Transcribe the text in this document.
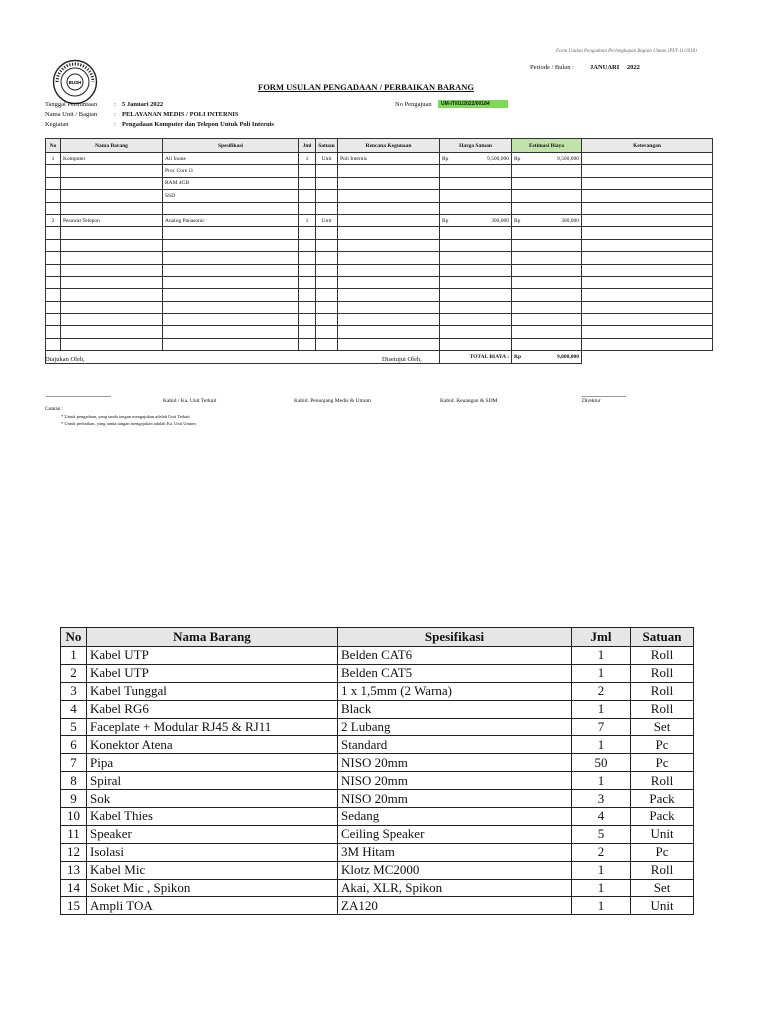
Form Usulan Pengadaan Perlengkapan Bagian Umum (PLT-11/2018)
Periode / Bulan : JANUARI 2022
BUSH	FORM USULAN PENGADAAN / PERBAIKAN BARANG
Tanggal Permintaan	: 5 Januari 2022
Nama Unit / Bagian	: PELAYANAN MEDIS / POLI INTERNIS
Kegiatan	: Pengadaan Komputer dan Telepon Untuk Poli Internis
No Pengajuan	UM-IT/01/2022/00184
No	Nama Barang	Spesifikasi	Jml	Satuan	Rencana Kegunaan	Harga Satuan	Estimasi Biaya	Keterangan
1	Komputer	All Inone	1	Unit	Poli Internis	Rp 9,500,000	Rp 9,500,000	

		Proc Core i3				

		RAM 4GB				

		SSD				

2	Pesawat Telepon	Analog Panasonic	1	Unit		Rp 300,000	Rp 300,000	

						TOTAL BIAYA :	Rp 9,800,000	

Diajukan Oleh,	Disetujui Oleh,
Kabid / Ka. Unit Terkait	Kabid. Penunjang Medis & Umum	Kabid. Keuangan & SDM	Direktur
Catatan :
* Untuk pengadaan, yang tanda tangan mengajukan adalah Unit Terkait
* Untuk perbaikan, yang tanda tangan mengajukan adalah Ka. Unit Umum
No	Nama Barang	Spesifikasi	Jml	Satuan
1	Kabel UTP	Belden CAT6	1	Roll
2	Kabel UTP	Belden CAT5	1	Roll
3	Kabel Tunggal	1 x 1,5mm (2 Warna)	2	Roll
4	Kabel RG6	Black	1	Roll
5	Faceplate + Modular RJ45 & RJ11	2 Lubang	7	Set
6	Konektor Atena	Standard	1	Pc
7	Pipa	NISO 20mm	50	Pc
8	Spiral	NISO 20mm	1	Roll
9	Sok	NISO 20mm	3	Pack
10	Kabel Thies	Sedang	4	Pack
11	Speaker	Ceiling Speaker	5	Unit
12	Isolasi	3M Hitam	2	Pc
13	Kabel Mic	Klotz MC2000	1	Roll
14	Soket Mic , Spikon	Akai, XLR, Spikon	1	Set
15	Ampli TOA	ZA120	1	Unit
